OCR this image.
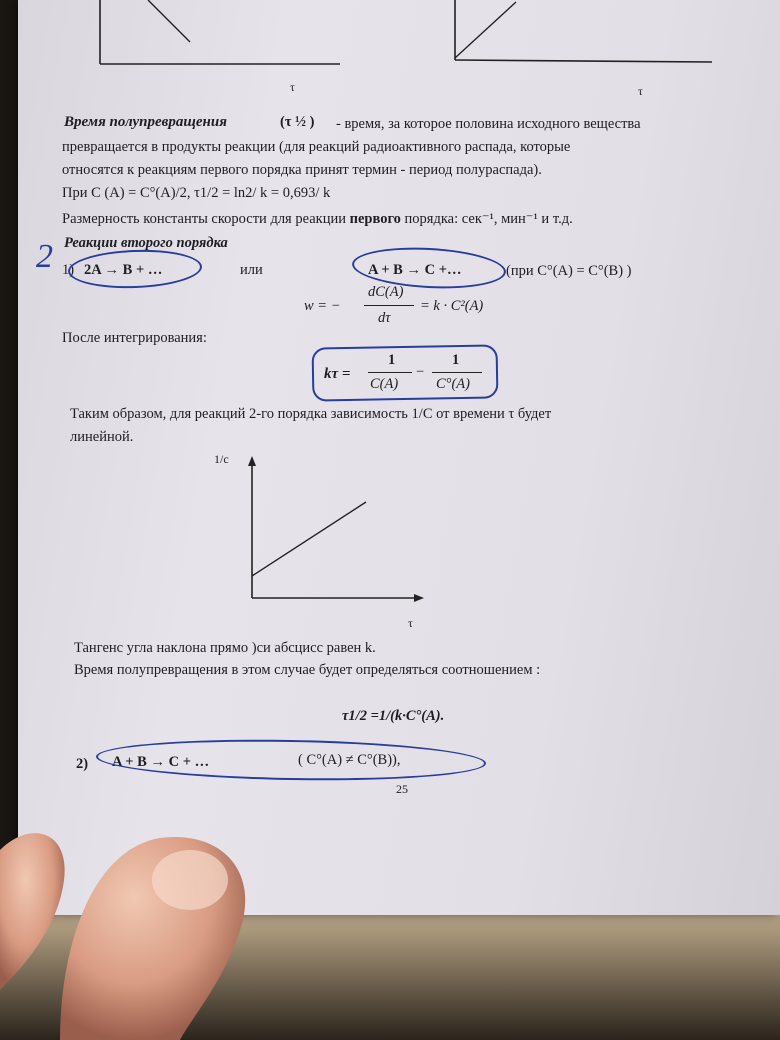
τ	τ
Время полупревращения	(τ ½ ) - время, за которое половина исходного вещества
превращается в продукты реакции (для реакций радиоактивного распада, которые
относятся к реакциям первого порядка принят термин - период полураспада).
При C (A) = C°(A)/2, τ1/2 = ln2/ k = 0,693/ k
Размерность константы скорости для реакции первого порядка: сек⁻¹, мин⁻¹ и т.д.
Реакции второго порядка
2 1) 2A → B + …	или	A + B → C +…	(при C°(A) = C°(B) )
w = −
dC(A)
dτ
= k · C²(A)
После интегрирования:
kτ =
1
C(A)
−
1
C°(A)
Таким образом, для реакций 2-го порядка зависимость 1/C от времени τ будет
линейной.
1/c
τ
Тангенс угла наклона прямо )си абсцисс равен k.
Время полупревращения в этом случае будет определяться соотношением :
τ1/2 =1/(k·C°(A).
2) A + B → C + …	( C°(A) ≠ C°(B)),
25
